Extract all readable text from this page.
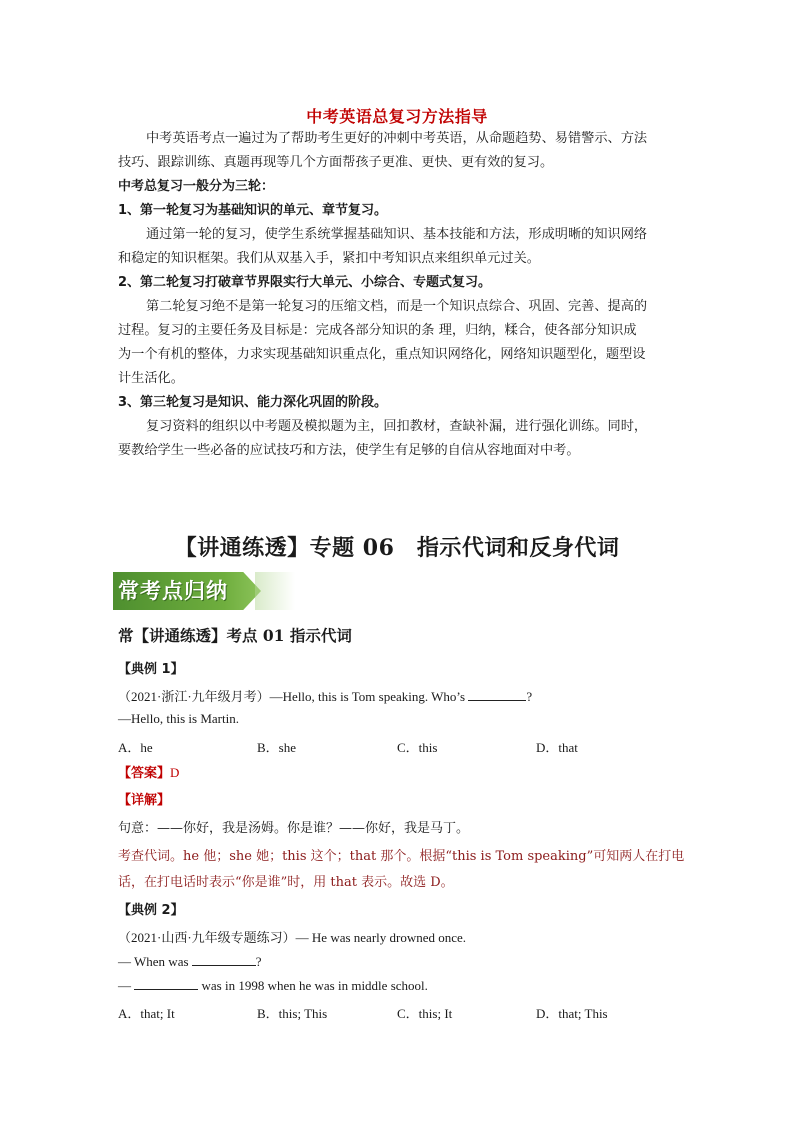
中考英语总复习方法指导

中考英语考点一遍过为了帮助考生更好的冲刺中考英语，从命题趋势、易错警示、方法

技巧、跟踪训练、真题再现等几个方面帮孩子更准、更快、更有效的复习。

中考总复习一般分为三轮：

1、第一轮复习为基础知识的单元、章节复习。

通过第一轮的复习，使学生系统掌握基础知识、基本技能和方法，形成明晰的知识网络

和稳定的知识框架。我们从双基入手，紧扣中考知识点来组织单元过关。

2、第二轮复习打破章节界限实行大单元、小综合、专题式复习。

第二轮复习绝不是第一轮复习的压缩文档，而是一个知识点综合、巩固、完善、提高的

过程。复习的主要任务及目标是：完成各部分知识的条 理，归纳，糅合，使各部分知识成

为一个有机的整体，力求实现基础知识重点化，重点知识网络化，网络知识题型化，题型设

计生活化。

3、第三轮复习是知识、能力深化巩固的阶段。

复习资料的组织以中考题及模拟题为主，回扣教材，查缺补漏，进行强化训练。同时，

要教给学生一些必备的应试技巧和方法，使学生有足够的自信从容地面对中考。

【讲通练透】专题 06　指示代词和反身代词
常考点归纳
常【讲通练透】考点 01 指示代词
【典例 1】
（2021·浙江·九年级月考）—Hello, this is Tom speaking. Who’s	?
—Hello, this is Martin.
A．he	B．she	C．this	D．that
【答案】D
【详解】
句意：——你好，我是汤姆。你是谁？——你好，我是马丁。
考查代词。he 他；she 她；this 这个；that 那个。根据“this is Tom speaking”可知两人在打电
话，在打电话时表示“你是谁”时，用 that 表示。故选 D。
【典例 2】
（2021·山西·九年级专题练习）— He was nearly drowned once.
— When was	?
—	was in 1998 when he was in middle school.
A．that; It	B．this; This	C．this; It	D．that; This
